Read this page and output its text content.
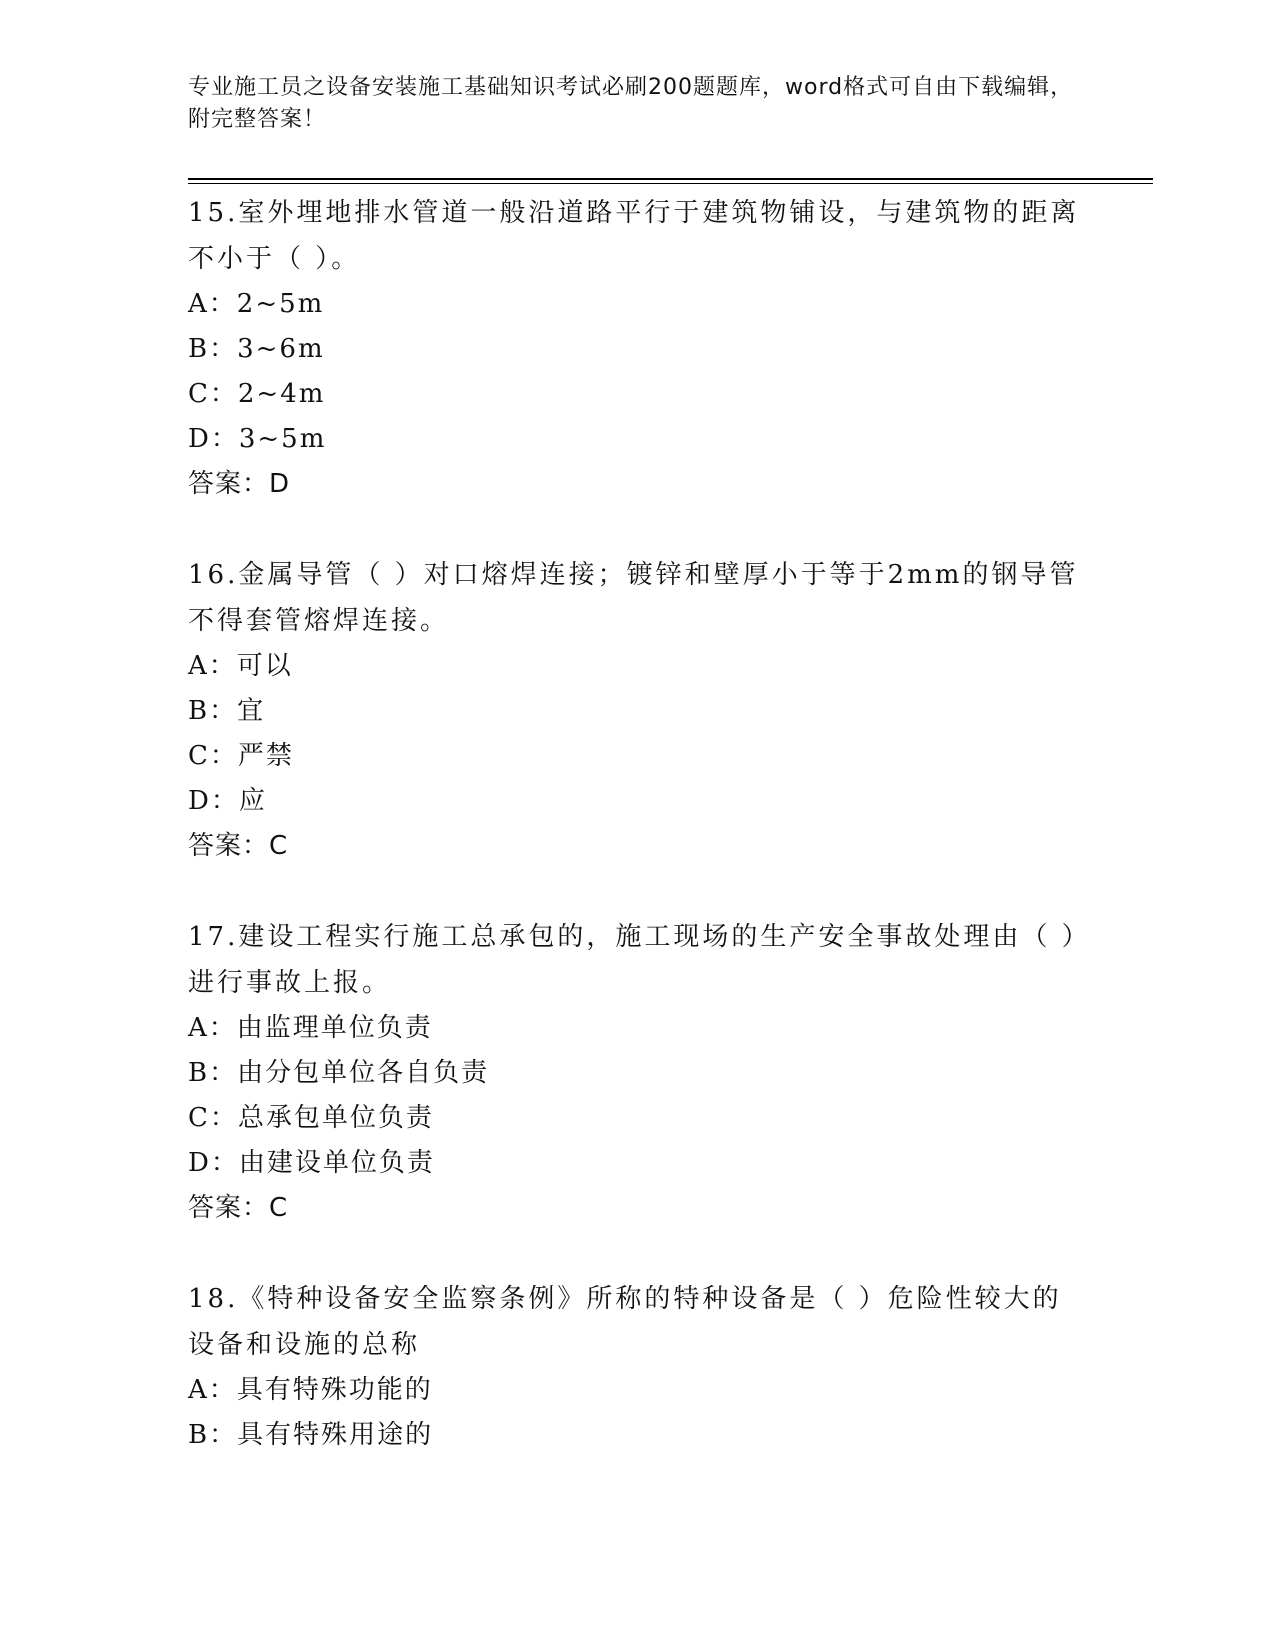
专业施工员之设备安装施工基础知识考试必刷200题题库，word格式可自由下载编辑，附完整答案！
15.室外埋地排水管道一般沿道路平行于建筑物铺设，与建筑物的距离不小于（ ）。
A：2~5m
B：3~6m
C：2~4m
D：3~5m
答案：D
16.金属导管（ ）对口熔焊连接；镀锌和壁厚小于等于2mm的钢导管不得套管熔焊连接。
A：可以
B：宜
C：严禁
D：应
答案：C
17.建设工程实行施工总承包的，施工现场的生产安全事故处理由（ ）进行事故上报。
A：由监理单位负责
B：由分包单位各自负责
C：总承包单位负责
D：由建设单位负责
答案：C
18.《特种设备安全监察条例》所称的特种设备是（ ）危险性较大的设备和设施的总称
A：具有特殊功能的
B：具有特殊用途的
